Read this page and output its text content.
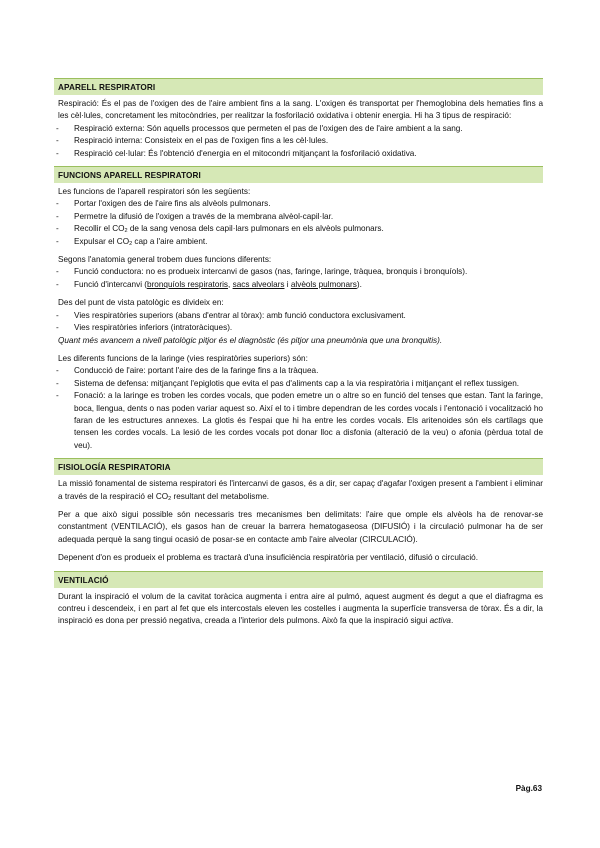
APARELL RESPIRATORI

Respiració: És el pas de l'oxigen des de l'aire ambient fins a la sang. L'oxigen és transportat per l'hemoglobina dels hematies fins a les cèl·lules, concretament les mitocòndries, per realitzar la fosforilació oxidativa i obtenir energia. Hi ha 3 tipus de respiració:

- Respiració externa: Són aquells processos que permeten el pas de l'oxigen des de l'aire ambient a la sang.
- Respiració interna: Consisteix en el pas de l'oxigen fins a les cèl·lules.
- Respiració cel·lular: És l'obtenció d'energia en el mitocondri mitjançant la fosforilació oxidativa.
FUNCIONS APARELL RESPIRATORI

Les funcions de l'aparell respiratori són les següents:

- Portar l'oxigen des de l'aire fins als alvèols pulmonars.
- Permetre la difusió de l'oxigen a través de la membrana alvèol-capil·lar.
- Recollir el $CO_2$ de la sang venosa dels capil·lars pulmonars en els alvèols pulmonars.
- Expulsar el $CO_2$ cap a l'aire ambient.

Segons l'anatomia general trobem dues funcions diferents:

- Funció conductora: no es produeix intercanvi de gasos (nas, faringe, laringe, tràquea, bronquis i bronquíols).
- Funció d'intercanvi (bronquíols respiratoris, sacs alveolars i alvèols pulmonars).

Des del punt de vista patològic es divideix en:

- Vies respiratòries superiors (abans d'entrar al tòrax): amb funció conductora exclusivament.
- Vies respiratòries inferiors (intratoràciques).

Quant més avancem a nivell patològic pitjor és el diagnòstic (és pitjor una pneumònia que una bronquitis).

Les diferents funcions de la laringe (vies respiratòries superiors) són:

- Conducció de l'aire: portant l'aire des de la faringe fins a la tràquea.
- Sistema de defensa: mitjançant l'epiglotis que evita el pas d'aliments cap a la via respiratòria i mitjançant el reflex tussigen.
- Fonació: a la laringe es troben les cordes vocals, que poden emetre un o altre so en funció del tenses que estan. Tant la faringe, boca, llengua, dents o nas poden variar aquest so. Així el to i timbre dependran de les cordes vocals i l'entonació i vocalització ho faran de les estructures annexes. La glotis és l'espai que hi ha entre les cordes vocals. Els aritenoides són els cartílags que tensen les cordes vocals. La lesió de les cordes vocals pot donar lloc a disfonia (alteració de la veu) o afonia (pèrdua total de veu).
FISIOLOGÍA RESPIRATORIA

La missió fonamental de sistema respiratori és l'intercanvi de gasos, és a dir, ser capaç d'agafar l'oxigen present a l'ambient i eliminar a través de la respiració el $CO_2$ resultant del metabolisme.

Per a que això sigui possible són necessaris tres mecanismes ben delimitats: l'aire que omple els alvèols ha de renovar-se constantment (VENTILACIÓ), els gasos han de creuar la barrera hematogaseosa (DIFUSIÓ) i la circulació pulmonar ha de ser adequada perquè la sang tingui ocasió de posar-se en contacte amb l'aire alveolar (CIRCULACIÓ).

Depenent d'on es produeix el problema es tractarà d'una insuficiència respiratòria per ventilació, difusió o circulació.

VENTILACIÓ

Durant la inspiració el volum de la cavitat toràcica augmenta i entra aire al pulmó, aquest augment és degut a que el diafragma es contreu i descendeix, i en part al fet que els intercostals eleven les costelles i augmenta la superfície transversa de tòrax. És a dir, la inspiració es dona per pressió negativa, creada a l'interior dels pulmons. Això fa que la inspiració sigui activa.

Pàg.63
